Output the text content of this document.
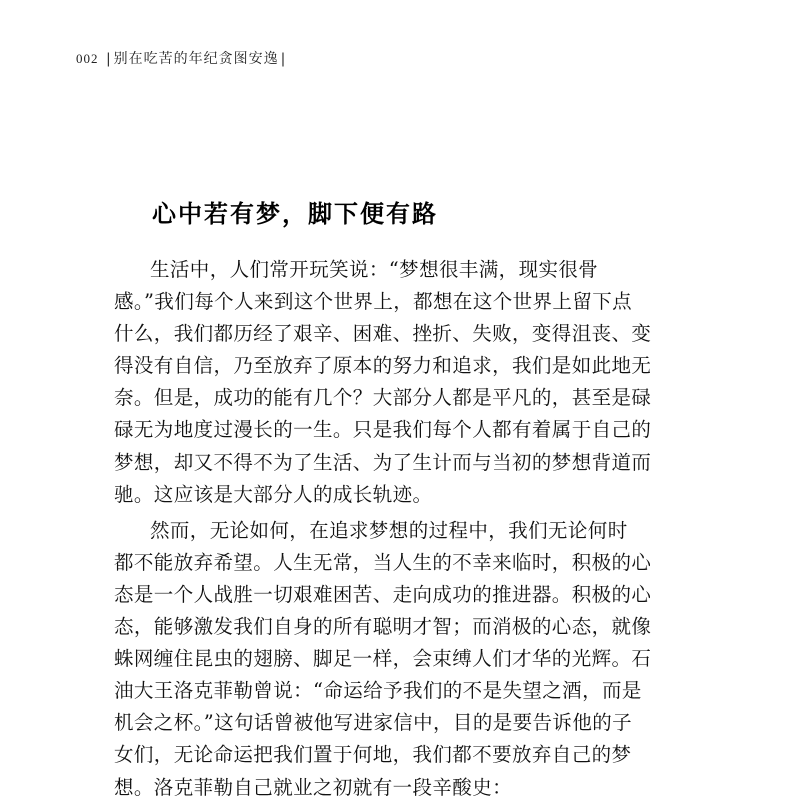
002 | 别在吃苦的年纪贪图安逸 |
心中若有梦，脚下便有路
生活中，人们常开玩笑说：“梦想很丰满，现实很骨
感。”我们每个人来到这个世界上，都想在这个世界上留下点
什么，我们都历经了艰辛、困难、挫折、失败，变得沮丧、变
得没有自信，乃至放弃了原本的努力和追求，我们是如此地无
奈。但是，成功的能有几个？大部分人都是平凡的，甚至是碌
碌无为地度过漫长的一生。只是我们每个人都有着属于自己的
梦想，却又不得不为了生活、为了生计而与当初的梦想背道而
驰。这应该是大部分人的成长轨迹。
然而，无论如何，在追求梦想的过程中，我们无论何时
都不能放弃希望。人生无常，当人生的不幸来临时，积极的心
态是一个人战胜一切艰难困苦、走向成功的推进器。积极的心
态，能够激发我们自身的所有聪明才智；而消极的心态，就像
蛛网缠住昆虫的翅膀、脚足一样，会束缚人们才华的光辉。石
油大王洛克菲勒曾说：“命运给予我们的不是失望之酒，而是
机会之杯。”这句话曾被他写进家信中，目的是要告诉他的子
女们，无论命运把我们置于何地，我们都不要放弃自己的梦
想。洛克菲勒自己就业之初就有一段辛酸史：
